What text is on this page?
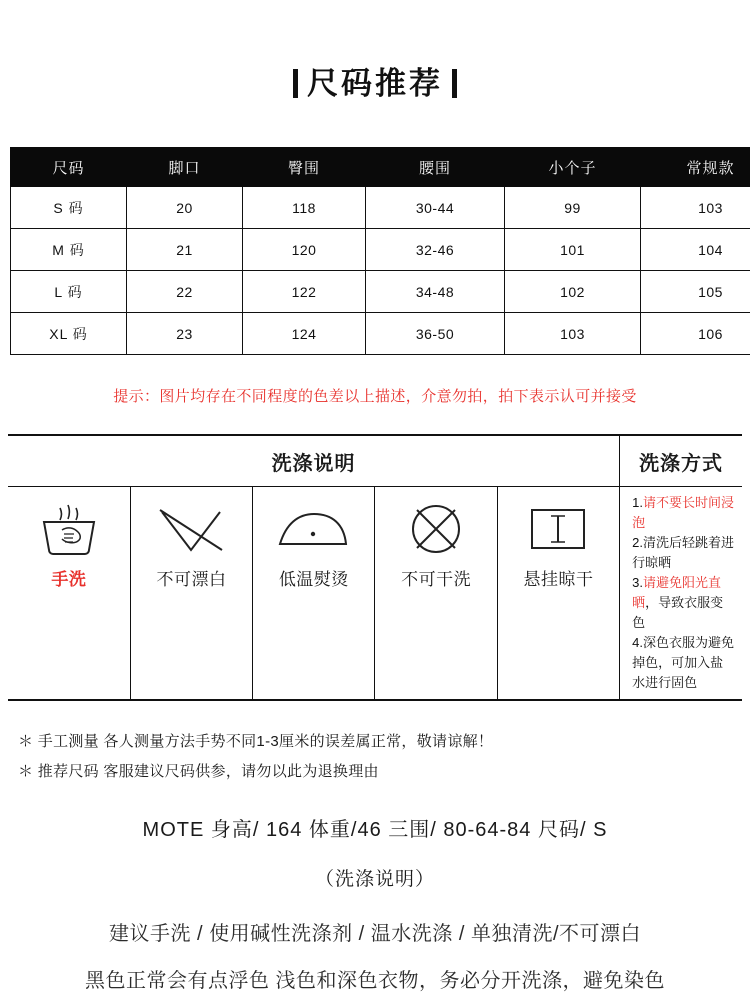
尺码推荐
尺码	脚口	臀围	腰围	小个子	常规款
S 码	20	118	30-44	99	103
M 码	21	120	32-46	101	104
L 码	22	122	34-48	102	105
XL 码	23	124	36-50	103	106
提示：图片均存在不同程度的色差以上描述，介意勿拍，拍下表示认可并接受
洗涤说明					洗涤方式

手洗	不可漂白	低温熨烫	不可干洗	悬挂晾干	1.请不要长时间浸泡
2.清洗后轻跳着进行晾晒
3.请避免阳光直晒，导致衣服变色
4.深色衣服为避免掉色，可加入盐水进行固色
＊ 手工测量 各人测量方法手势不同1-3厘米的误差属正常，敬请谅解！
＊ 推荐尺码 客服建议尺码供参，请勿以此为退换理由
MOTE 身高/ 164 体重/46 三围/ 80-64-84 尺码/ S
（洗涤说明）
建议手洗 / 使用碱性洗涤剂 / 温水洗涤 / 单独清洗/不可漂白
黑色正常会有点浮色 浅色和深色衣物，务必分开洗涤，避免染色
